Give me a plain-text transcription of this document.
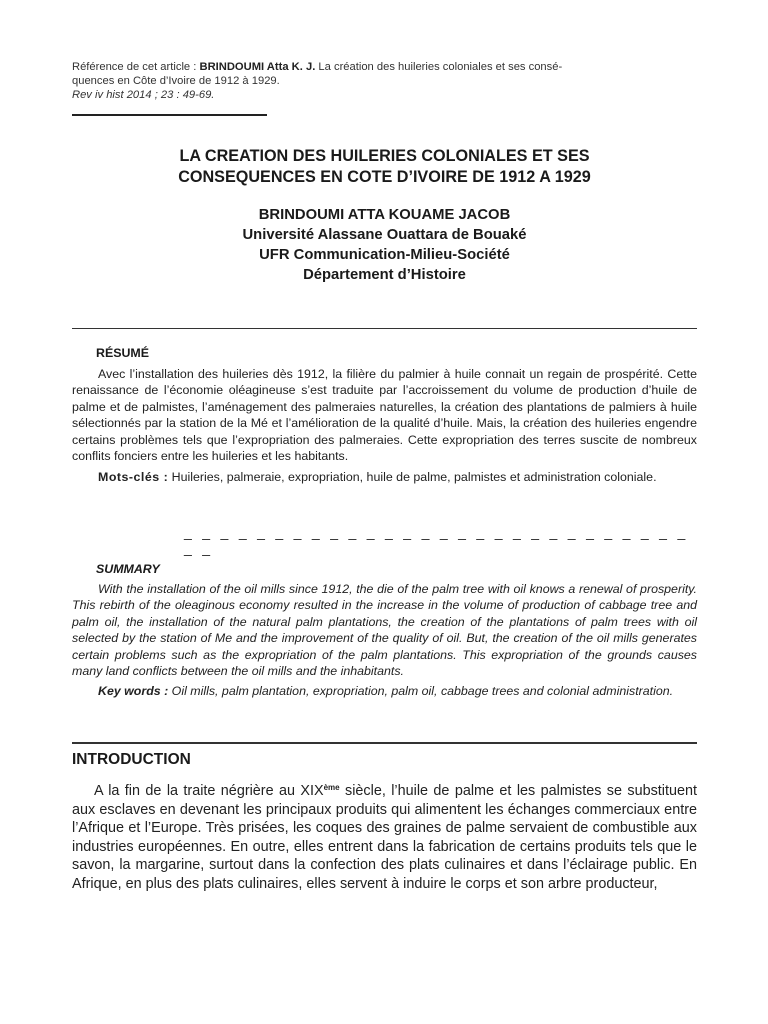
Référence de cet article : BRINDOUMI Atta K. J. La création des huileries coloniales et ses consé-
quences en Côte d’Ivoire de 1912 à 1929.
Rev iv hist 2014 ; 23 : 49-69.
LA CREATION DES HUILERIES COLONIALES ET SES
CONSEQUENCES EN COTE D’IVOIRE DE 1912 A 1929
BRINDOUMI ATTA KOUAME JACOB
Université Alassane Ouattara de Bouaké
UFR Communication-Milieu-Société
Département d’Histoire
RÉSUMÉ

Avec l’installation des huileries dès 1912, la filière du palmier à huile connait un regain de prospérité. Cette renaissance de l’économie oléagineuse s’est traduite par l’accroissement du volume de production d’huile de palme et de palmistes, l’aménagement des palmeraies naturelles, la création des plantations de palmiers à huile sélectionnés par la station de la Mé et l’amélioration de la qualité d’huile. Mais, la création des huileries engendre certains problèmes tels que l’expropriation des palmeraies. Cette expropriation des terres suscite de nombreux conflits fonciers entre les huileries et les habitants.

Mots-clés : Huileries, palmeraie, expropriation, huile de palme, palmistes et administration coloniale.

_ _ _ _ _ _ _ _ _ _ _ _ _ _ _ _ _ _ _ _ _ _ _ _ _ _ _ _ _ _
SUMMARY

With the installation of the oil mills since 1912, the die of the palm tree with oil knows a renewal of prosperity. This rebirth of the oleaginous economy resulted in the increase in the volume of production of cabbage tree and palm oil, the installation of the natural palm plantations, the creation of the plantations of palm trees with oil selected by the station of Me and the improvement of the quality of oil. But, the creation of the oil mills generates certain problems such as the expropriation of the palm plantations. This expropriation of the grounds causes many land conflicts between the oil mills and the inhabitants.

Key words : Oil mills, palm plantation, expropriation, palm oil, cabbage trees and colonial administration.

INTRODUCTION

A la fin de la traite négrière au XIXème siècle, l’huile de palme et les palmistes se substituent aux esclaves en devenant les principaux produits qui alimentent les échanges commerciaux entre l’Afrique et l’Europe. Très prisées, les coques des graines de palme servaient de combustible aux industries européennes. En outre, elles entrent dans la fabrication de certains produits tels que le savon, la margarine, surtout dans la confection des plats culinaires et dans l’éclairage public. En Afrique, en plus des plats culinaires, elles servent à induire le corps et son arbre producteur,
